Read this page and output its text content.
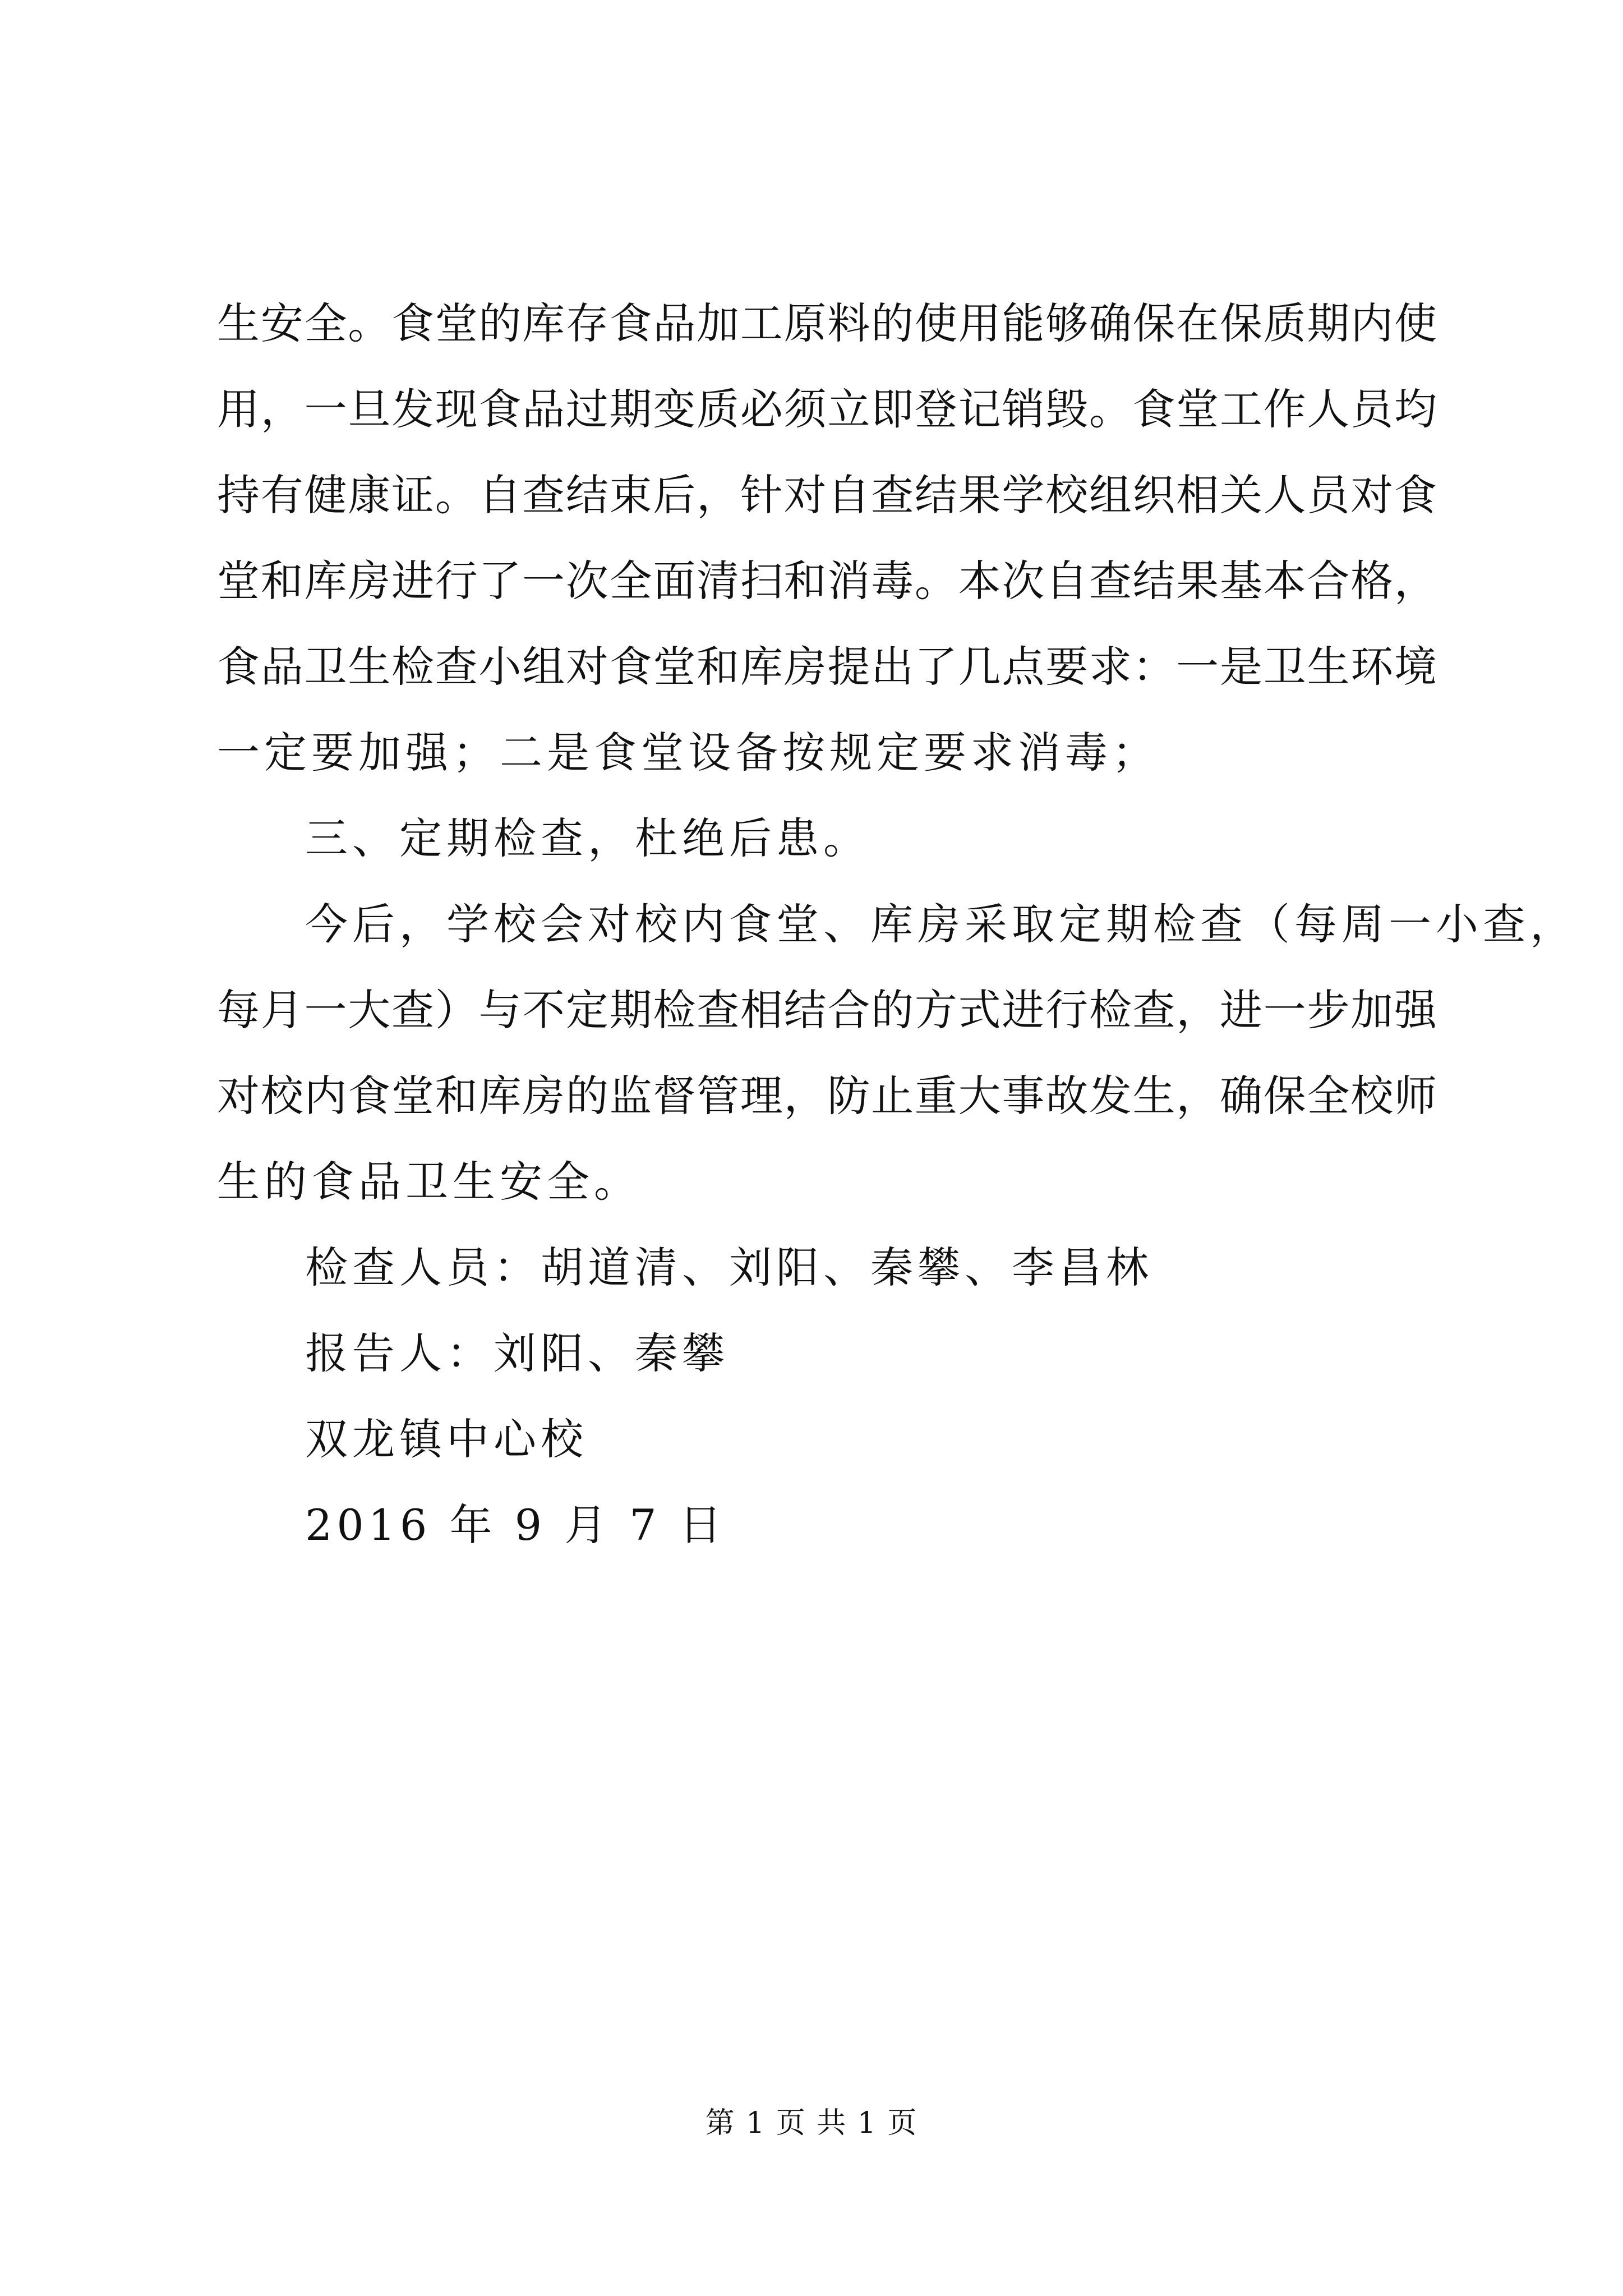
生安全。食堂的库存食品加工原料的使用能够确保在保质期内使
用，一旦发现食品过期变质必须立即登记销毁。食堂工作人员均
持有健康证。自查结束后，针对自查结果学校组织相关人员对食
堂和库房进行了一次全面清扫和消毒。本次自查结果基本合格，
食品卫生检查小组对食堂和库房提出了几点要求：一是卫生环境
一定要加强；二是食堂设备按规定要求消毒；
三、定期检查，杜绝后患。
今后，学校会对校内食堂、库房采取定期检查（每周一小查，
每月一大查）与不定期检查相结合的方式进行检查，进一步加强
对校内食堂和库房的监督管理，防止重大事故发生，确保全校师
生的食品卫生安全。
检查人员：胡道清、刘阳、秦攀、李昌林
报告人：刘阳、秦攀
双龙镇中心校
2016 年 9 月 7 日
第 1 页 共 1 页
